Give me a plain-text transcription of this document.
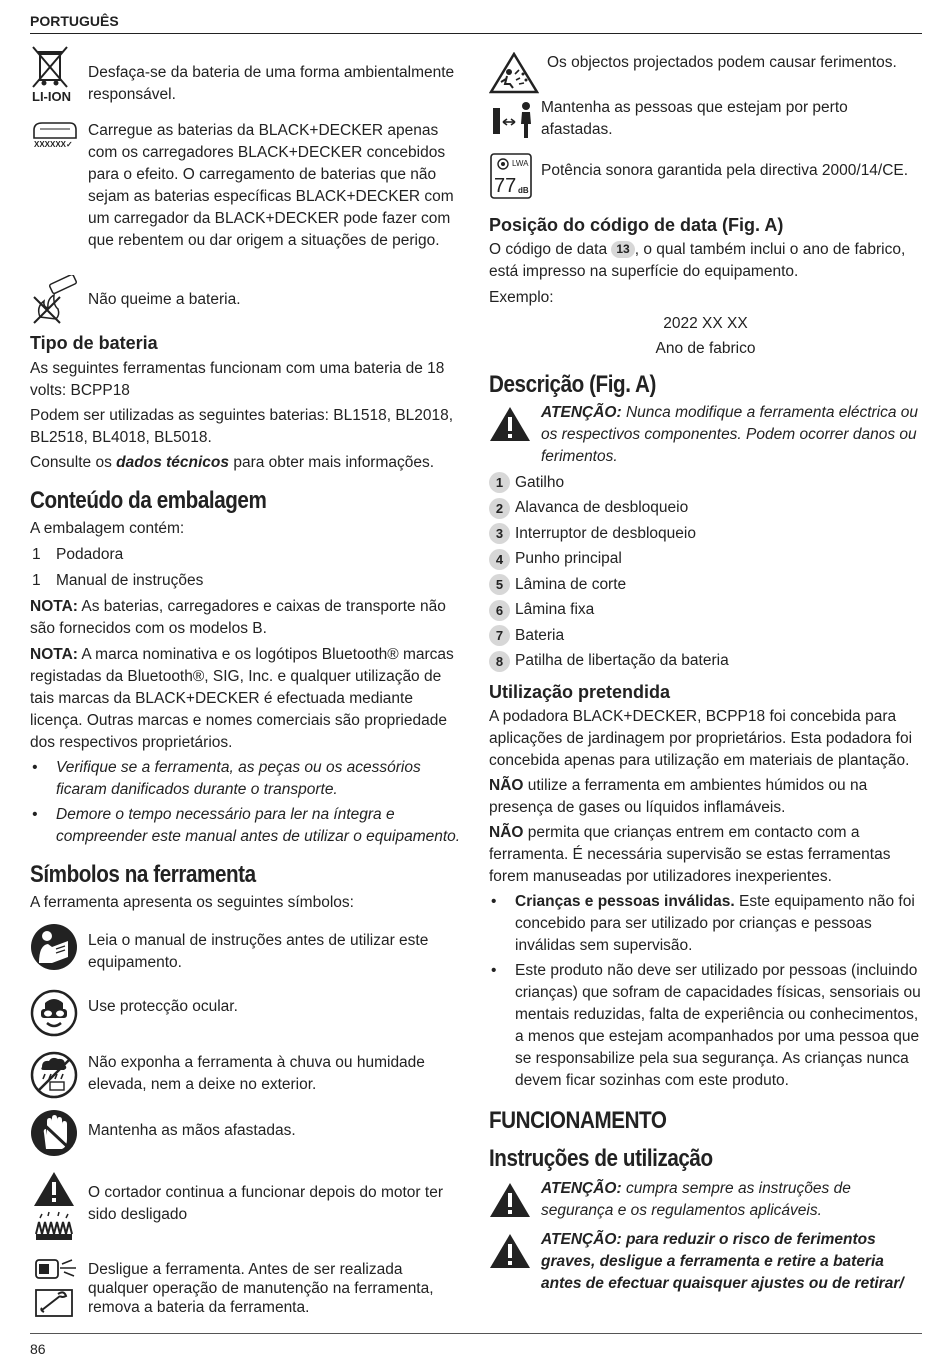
PORTUGUÊS
LI-ION
Desfaça-se da bateria de uma forma ambientalmente responsável.
XXXXXX✓
Carregue as baterias da BLACK+DECKER apenas com os carregadores BLACK+DECKER concebidos para o efeito. O carregamento de baterias que não sejam as baterias específicas BLACK+DECKER com um carregador da BLACK+DECKER pode fazer com que rebentem ou dar origem a situações de perigo.
Não queime a bateria.
Tipo de bateria

As seguintes ferramentas funcionam com uma bateria de 18 volts: BCPP18

Podem ser utilizadas as seguintes baterias: BL1518, BL2018, BL2518, BL4018, BL5018.

Consulte os dados técnicos para obter mais informações.

Conteúdo da embalagem

A embalagem contém:

1 Podadora
1 Manual de instruções

NOTA: As baterias, carregadores e caixas de transporte não são fornecidos com os modelos B.

NOTA: A marca nominativa e os logótipos Bluetooth® marcas registadas da Bluetooth®, SIG, Inc. e qualquer utilização de tais marcas da BLACK+DECKER é efectuada mediante licença. Outras marcas e nomes comerciais são propriedade dos respectivos proprietários.

•	Verifique se a ferramenta, as peças ou os acessórios ficaram danificados durante o transporte.
•	Demore o tempo necessário para ler na íntegra e compreender este manual antes de utilizar o equipamento.
Símbolos na ferramenta

A ferramenta apresenta os seguintes símbolos:

Leia o manual de instruções antes de utilizar este equipamento.
Use protecção ocular.
Não exponha a ferramenta à chuva ou humidade elevada, nem a deixe no exterior.
Mantenha as mãos afastadas.
O cortador continua a funcionar depois do motor ter sido desligado
Desligue a ferramenta. Antes de ser realizada qualquer operação de manutenção na ferramenta, remova a bateria da ferramenta.
Os objectos projectados podem causar ferimentos.
Mantenha as pessoas que estejam por perto afastadas.
LWA
77 dB
Potência sonora garantida pela directiva 2000/14/CE.
Posição do código de data (Fig. A)

O código de data 13 , o qual também inclui o ano de fabrico, está impresso na superfície do equipamento.

Exemplo:

2022 XX XX

Ano de fabrico

Descrição (Fig. A)

ATENÇÃO: Nunca modifique a ferramenta eléctrica ou os respectivos componentes. Podem ocorrer danos ou ferimentos.

1 Gatilho
2 Alavanca de desbloqueio
3 Interruptor de desbloqueio
4 Punho principal
5 Lâmina de corte
6 Lâmina fixa
7 Bateria
8 Patilha de libertação da bateria
Utilização pretendida

A podadora BLACK+DECKER, BCPP18 foi concebida para aplicações de jardinagem por proprietários. Esta podadora foi concebida apenas para utilização em materiais de plantação.

NÃO utilize a ferramenta em ambientes húmidos ou na presença de gases ou líquidos inflamáveis.

NÃO permita que crianças entrem em contacto com a ferramenta. É necessária supervisão se estas ferramentas forem manuseadas por utilizadores inexperientes.

•	Crianças e pessoas inválidas. Este equipamento não foi concebido para ser utilizado por crianças e pessoas inválidas sem supervisão.
•	Este produto não deve ser utilizado por pessoas (incluindo crianças) que sofram de capacidades físicas, sensoriais ou mentais reduzidas, falta de experiência ou conhecimentos, a menos que estejam acompanhados por uma pessoa que se responsabilize pela sua segurança. As crianças nunca devem ficar sozinhas com este produto.
FUNCIONAMENTO
Instruções de utilização

ATENÇÃO: cumpra sempre as instruções de segurança e os regulamentos aplicáveis.

ATENÇÃO: para reduzir o risco de ferimentos graves, desligue a ferramenta e retire a bateria antes de efectuar quaisquer ajustes ou de retirar/

86
